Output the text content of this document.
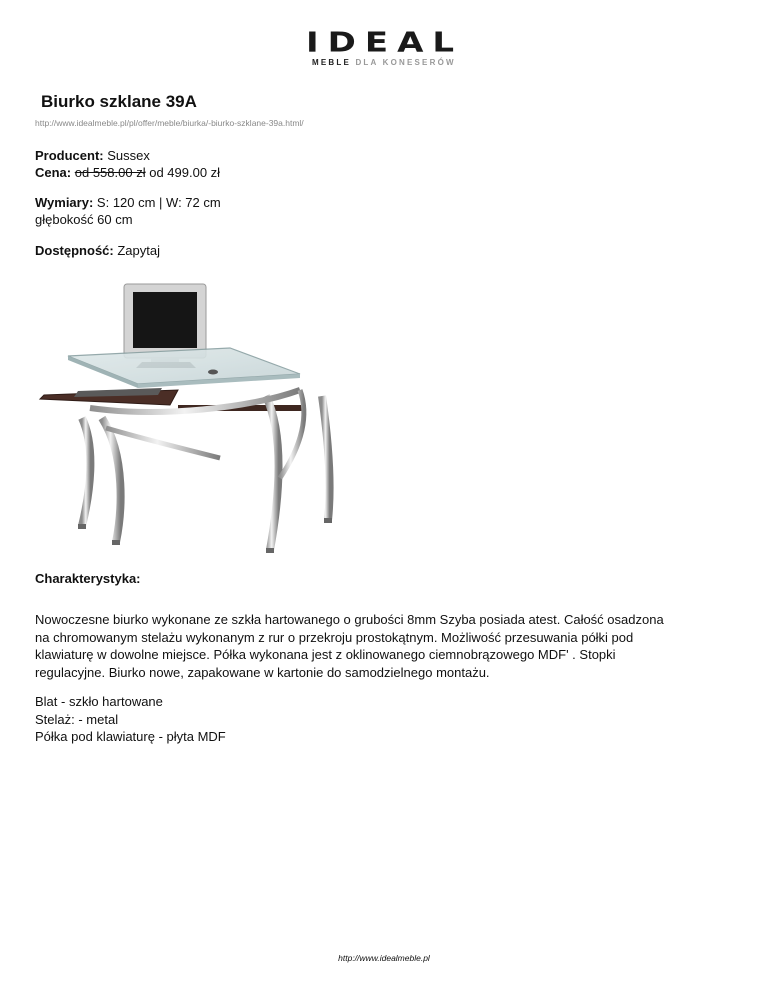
IDEAL
MEBLE DLA KONESERÓW
Biurko szklane 39A
http://www.idealmeble.pl/pl/offer/meble/biurka/-biurko-szklane-39a.html/
Producent: Sussex
Cena: od 558.00 zł od 499.00 zł
Wymiary: S: 120 cm | W: 72 cm
głębokość 60 cm
Dostępność: Zapytaj
Charakterystyka:
Nowoczesne biurko wykonane ze szkła hartowanego o grubości 8mm Szyba posiada atest. Całość osadzona
na chromowanym stelażu wykonanym z rur o przekroju prostokątnym. Możliwość przesuwania półki pod
klawiaturę w dowolne miejsce. Półka wykonana jest z oklinowanego ciemnobrązowego MDF' . Stopki
regulacyjne. Biurko nowe, zapakowane w kartonie do samodzielnego montażu.
Blat - szkło hartowane
Stelaż: - metal
Półka pod klawiaturę - płyta MDF
http://www.idealmeble.pl
